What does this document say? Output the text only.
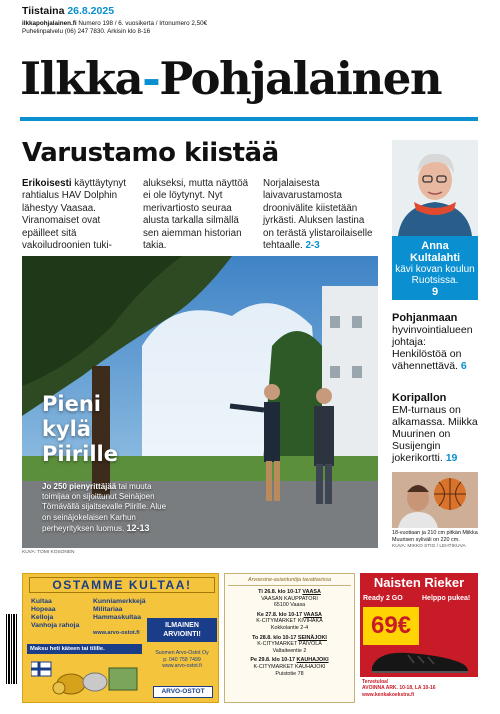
Tiistaina 26.8.2025
ilkkapohjalainen.fi Numero 198 / 6. vuosikerta / Irtonumero 2,50€
Puhelinpalvelu (06) 247 7830. Arkisin klo 8-16
Ilkka-Pohjalainen
Varustamo kiistää
Erikoisesti käyttäytynyt rahtialus HAV Dolphin lähestyy Vaasaa. Viranomaiset ovat epäilleet sitä vakoiludroonien tuki-
alukseksi, mutta näyttöä ei ole löytynyt. Nyt merivartiosto seuraa alusta tarkalla silmällä sen aiemman historian takia.
Norjalaisesta laivavarustamosta droonivälite kiistetään jyrkästi. Aluksen lastina on terästä ylistaroilaiselle tehtaalle. 2-3	Anna Kultalahti
kävi kovan koulun Ruotsissa.
9
Pohjanmaan
hyvinvointialueen johtaja: Henkilöstöä on vähennettävä. 6
Koripallon
EM-turnaus on alkamassa. Miikka Muurinen on Susijengin jokerikortti. 19
18-vuotiaan ja 210 cm pitkän Miikka Muurisen syliväli on 220 cm.
KUVA: MIKKO STIG / LEHTIKUVA
KUVA: TOMI KOSONEN
Pieni
kylä
Piirille
Jo 250 pienyrittäjää tai muuta toimijaa on sijoittunut Seinäjoen Törnävällä sijaitsevalle Piirille. Alue on seinäjokelaisen Karhun perheyrityksen luomus. 12-13
OSTAMME KULTAA!
Kultaa
Hopeaa
Kelloja
Vanhoja rahoja
Kunniamerkkejä
Militariaa
Hammaskultaa
www.arvo-ostot.fi
ILMAINEN
ARVIOINTI!
Maksu heti käteen tai tilille.
Suomen Arvo-Ostot Oy
p. 040 758 7499
www.arvo-ostot.fi
ARVO-OSTOT
Arvoesine-asiantuntija tavattavissa
Ti 26.8. klo 10-17 VAASA
VAASAN KAUPPATORI
65100 Vaasa
Ke 27.8. klo 10-17 VAASA
K-CITYMARKET KIVIHAKA
Kokkolantie 2-4
To 28.8. klo 10-17 SEINÄJOKI
K-CITYMARKET PÄIVÖLÄ
Valtaiteentie 2
Pe 29.8. klo 10-17 KAUHAJOKI
K-CITYMARKET KAUHAJOKI
Puistotie 78
Naisten Rieker
Ready 2 GO	Helppo pukea!
69€
Tervetuloa!
AVOINNA ARK. 10-18, LA 10-16
www.kenkakoekstra.fi
